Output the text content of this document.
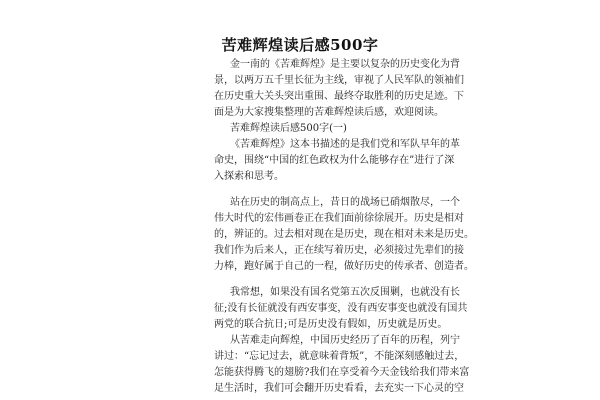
苦难辉煌读后感500字
金一南的《苦难辉煌》是主要以复杂的历史变化为背
景，以两万五千里长征为主线，审视了人民军队的领袖们
在历史重大关头突出重围、最终夺取胜利的历史足迹。下
面是为大家搜集整理的苦难辉煌读后感，欢迎阅读。
苦难辉煌读后感500字(一)
《苦难辉煌》这本书描述的是我们党和军队早年的革
命史，围绕“中国的红色政权为什么能够存在”进行了深
入探索和思考。
站在历史的制高点上，昔日的战场已硝烟散尽，一个
伟大时代的宏伟画卷正在我们面前徐徐展开。历史是相对
的，辨证的。过去相对现在是历史，现在相对未来是历史。
我们作为后来人，正在续写着历史，必须接过先辈们的接
力棒，跑好属于自己的一程，做好历史的传承者、创造者。
我常想，如果没有国名党第五次反围剿，也就没有长
征;没有长征就没有西安事变，没有西安事变也就没有国共
两党的联合抗日;可是历史没有假如，历史就是历史。
从苦难走向辉煌，中国历史经历了百年的历程，列宁
讲过：“忘记过去，就意味着背叛”，不能深刻感触过去，
怎能获得腾飞的翅膀?我们在享受着今天金钱给我们带来富
足生活时，我们可会翻开历史看看，去充实一下心灵的空
